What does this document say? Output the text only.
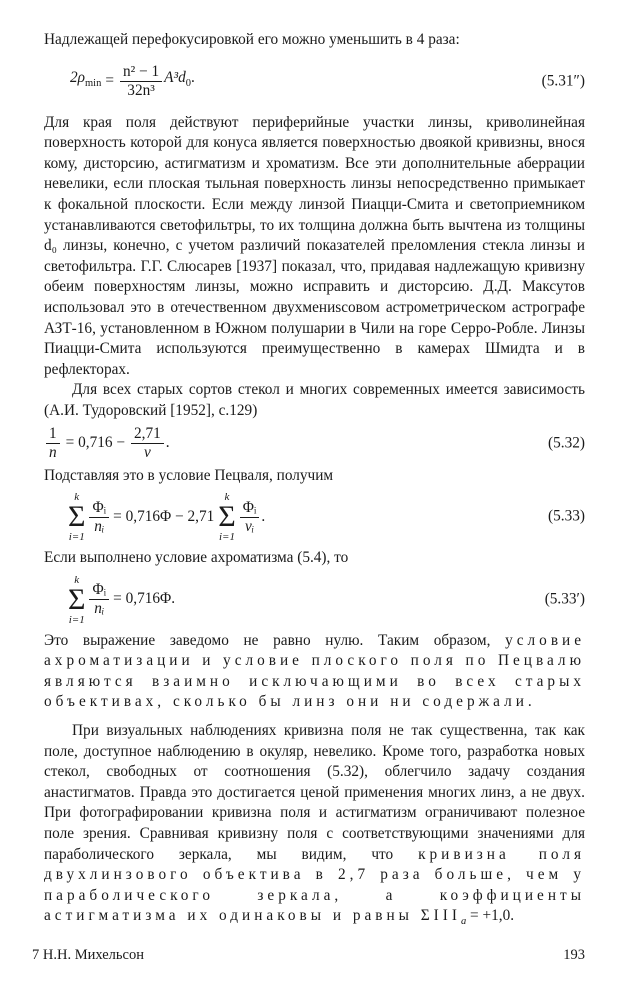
Надлежащей перефокусировкой его можно уменьшить в 4 раза:

$2\rho_{min} = \frac{\text{n² − 1}}{\text{32n³}} A^3d_0$.	(5.31″)

Для края поля действуют периферийные участки линзы, криволинейная поверхность которой для конуса является поверхностью двоякой кривизны, внося кому, дисторсию, астигматизм и хроматизм. Все эти дополнительные аберрации невелики, если плоская тыльная поверхность линзы непосредственно примыкает к фокальной плоскости. Если между линзой Пиацци-Смита и светоприемником устанавливаются светофильтры, то их толщина должна быть вычтена из толщины d₀ линзы, конечно, с учетом различий показателей преломления стекла линзы и светофильтра. Г.Г. Слюсарев [1937] показал, что, придавая надлежащую кривизну обеим поверхностям линзы, можно исправить и дисторсию. Д.Д. Максутов использовал это в отечественном двухмениscовом астрометрическом астрографе АЗТ-16, установленном в Южном полушарии в Чили на горе Серро-Робле. Линзы Пиацци-Смита используются преимущественно в камерах Шмидта и в рефлекторах.

Для всех старых сортов стекол и многих современных имеется зависимость (А.И. Тудоровский [1952], с.129)

$\frac{1}{n} = 0,716 - \frac{2,71}{\nu}$ .	(5.32)

Подставляя это в условие Пецваля, получим

k
Σ
i=1
$\frac{\text{Φᵢ}}{\text{nᵢ}} = 0,716\Phi - 2,71$
k
Σ
i=1
$\frac{\text{Φᵢ}}{\text{νᵢ}}$ .	(5.33)

Если выполнено условие ахроматизма (5.4), то

k
Σ
i=1
$\frac{\text{Φᵢ}}{\text{nᵢ}} = 0,716\Phi$.	(5.33′)

Это выражение заведомо не равно нулю. Таким образом, условие ахроматизации и условие плоского поля по Пецвалю являются взаимно исключающими во всех старых объективах, сколько бы линз они ни содержали.

При визуальных наблюдениях кривизна поля не так существенна, так как поле, доступное наблюдению в окуляр, невелико. Кроме того, разработка новых стекол, свободных от соотношения (5.32), облегчило задачу создания анастигматов. Правда это достигается ценой применения многих линз, а не двух. При фотографировании кривизна поля и астигматизм ограничивают полезное поле зрения. Сравнивая кривизну поля с соответствующими значениями для параболического зеркала, мы видим, что кривизна поля двухлинзового объектива в 2,7 раза больше, чем у параболического зеркала, а коэффициенты астигматизма их одинаковы и равны $\Sigma III_a = +1,0$.

7 Н.Н. Михельсон	193
